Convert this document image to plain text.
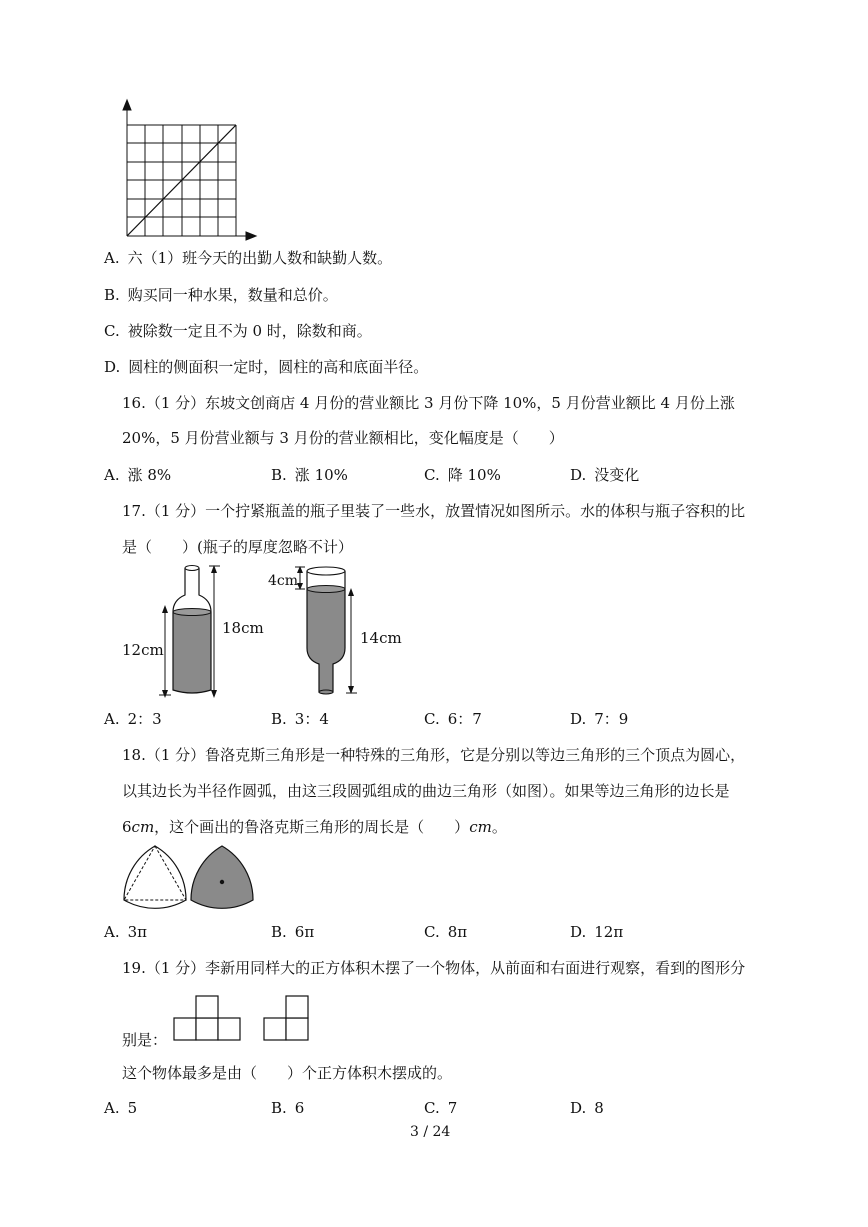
A. 六（1）班今天的出勤人数和缺勤人数。
B. 购买同一种水果，数量和总价。
C. 被除数一定且不为 0 时，除数和商。
D. 圆柱的侧面积一定时，圆柱的高和底面半径。
16.（1 分）东坡文创商店 4 月份的营业额比 3 月份下降 10%，5 月份营业额比 4 月份上涨
20%，5 月份营业额与 3 月份的营业额相比，变化幅度是（　　）
A. 涨 8%	B. 涨 10%	C. 降 10%	D. 没变化
17.（1 分）一个拧紧瓶盖的瓶子里装了一些水，放置情况如图所示。水的体积与瓶子容积的比
是（　　）(瓶子的厚度忽略不计）
12cm
18cm
4cm
14cm
A. 2：3	B. 3：4	C. 6：7	D. 7：9
18.（1 分）鲁洛克斯三角形是一种特殊的三角形，它是分别以等边三角形的三个顶点为圆心，
以其边长为半径作圆弧，由这三段圆弧组成的曲边三角形（如图）。如果等边三角形的边长是
6cm，这个画出的鲁洛克斯三角形的周长是（　　）cm。
A. 3π	B. 6π	C. 8π	D. 12π
19.（1 分）李新用同样大的正方体积木摆了一个物体，从前面和右面进行观察，看到的图形分
别是：
这个物体最多是由（　　）个正方体积木摆成的。
A. 5	B. 6	C. 7	D. 8
3 / 24
